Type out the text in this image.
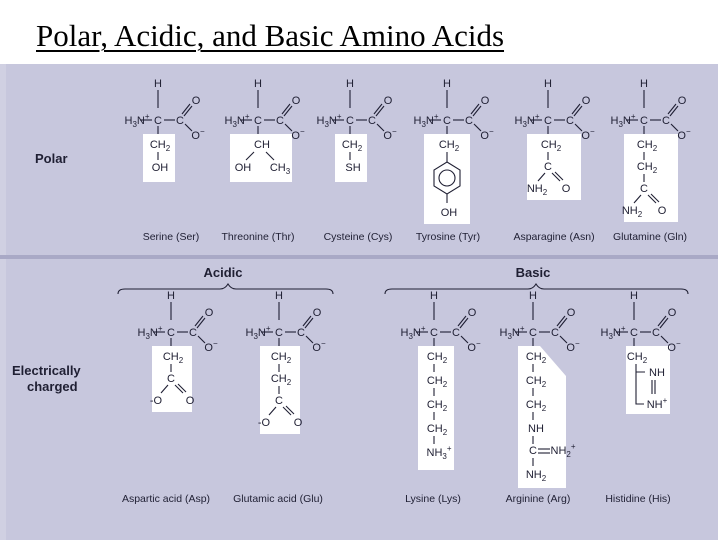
Polar, Acidic, and Basic Amino Acids
Polar
Electrically
charged
Acidic	Basic
H
$H_3N^+$ C C
O
O−
$CH_2$
OH
Serine (Ser)
H
$H_3N^+$ C C
O
O−
CH
OH $CH_3$
Threonine (Thr)
H
$H_3N^+$ C C
O
O−
$CH_2$
SH
Cysteine (Cys)
H
$H_3N^+$ C C
O
O−
$CH_2$
OH
Tyrosine (Tyr)
H
$H_3N^+$ C C
O
O−
$CH_2$
C
$NH_2$ O
Asparagine (Asn)
H
$H_3N^+$ C C
O
O−
$CH_2$
$CH_2$
C
$NH_2$ O
Glutamine (Gln)
H
$H_3N^+$ C C
O
O−
$CH_2$
C
-O O
Aspartic acid (Asp)
H
$H_3N^+$ C C
O
O−
$CH_2$
$CH_2$
C
-O O
Glutamic acid (Glu)
H
$H_3N^+$ C C
O
O−
$CH_2$
$CH_2$
$CH_2$
$CH_2$
$NH_3^+$
Lysine (Lys)
H
$H_3N^+$ C C
O
O−
$CH_2$
$CH_2$
$CH_2$
NH
C $NH_2^+$
$NH_2$
Arginine (Arg)
H
$H_3N^+$ C C
O
O−
$CH_2$
NH
NH+
Histidine (His)
